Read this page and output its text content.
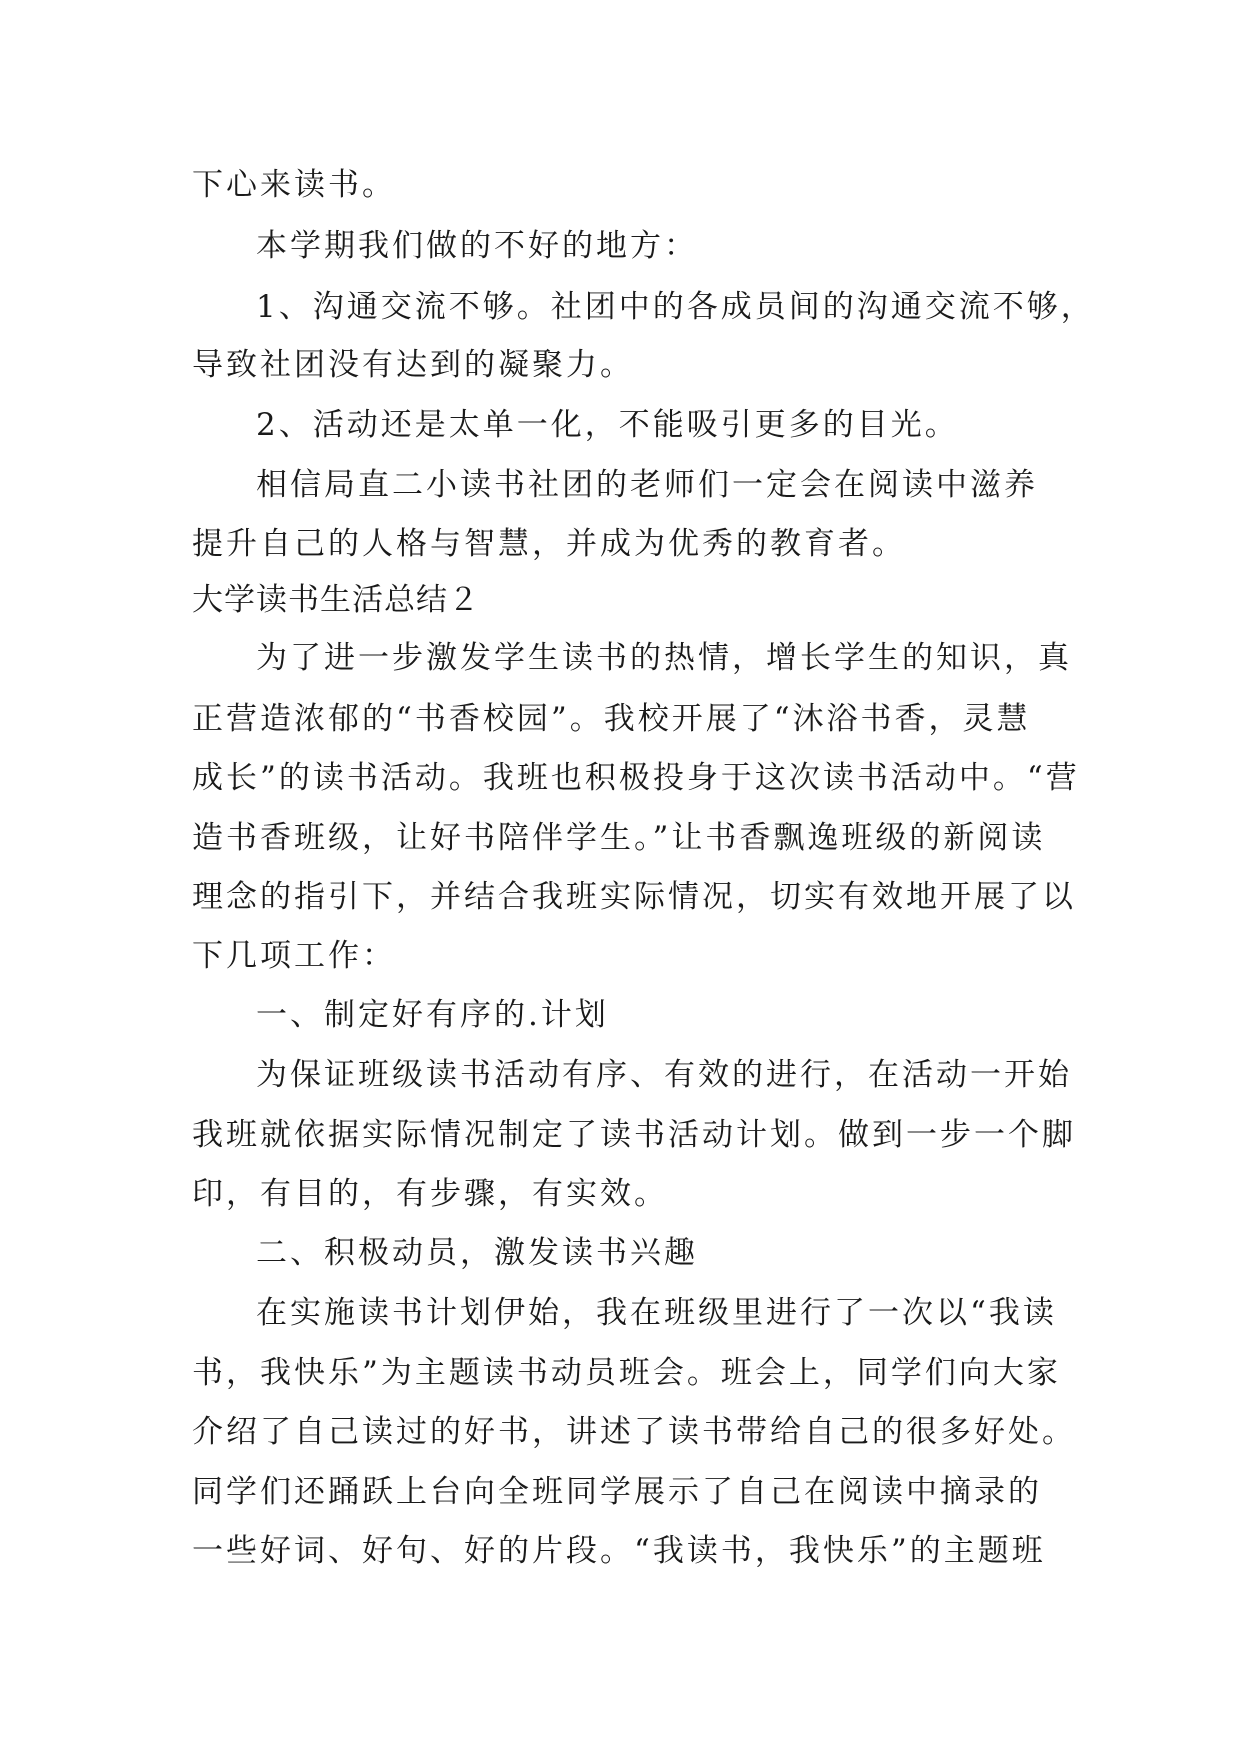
下心来读书。
本学期我们做的不好的地方：
1、沟通交流不够。社团中的各成员间的沟通交流不够，
导致社团没有达到的凝聚力。
2、活动还是太单一化，不能吸引更多的目光。
相信局直二小读书社团的老师们一定会在阅读中滋养
提升自己的人格与智慧，并成为优秀的教育者。
大学读书生活总结２
为了进一步激发学生读书的热情，增长学生的知识，真
正营造浓郁的“书香校园”。我校开展了“沐浴书香，灵慧
成长”的读书活动。我班也积极投身于这次读书活动中。“营
造书香班级，让好书陪伴学生。”让书香飘逸班级的新阅读
理念的指引下，并结合我班实际情况，切实有效地开展了以
下几项工作：
一、制定好有序的.计划
为保证班级读书活动有序、有效的进行，在活动一开始
我班就依据实际情况制定了读书活动计划。做到一步一个脚
印，有目的，有步骤，有实效。
二、积极动员，激发读书兴趣
在实施读书计划伊始，我在班级里进行了一次以“我读
书，我快乐”为主题读书动员班会。班会上，同学们向大家
介绍了自己读过的好书，讲述了读书带给自己的很多好处。
同学们还踊跃上台向全班同学展示了自己在阅读中摘录的
一些好词、好句、好的片段。“我读书，我快乐”的主题班
